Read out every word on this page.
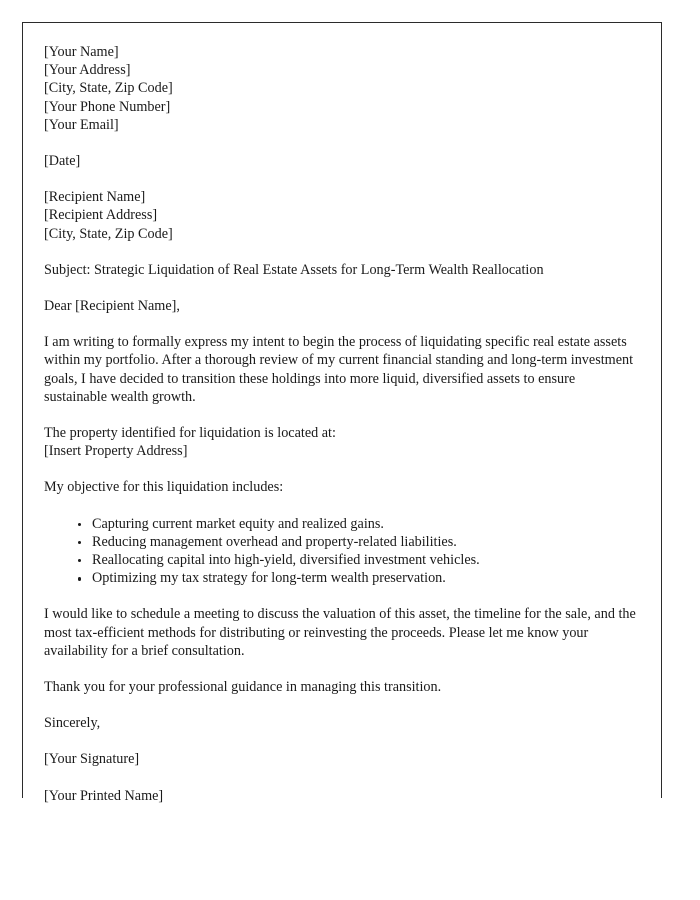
[Your Name]
[Your Address]
[City, State, Zip Code]
[Your Phone Number]
[Your Email]
[Date]
[Recipient Name]
[Recipient Address]
[City, State, Zip Code]
Subject: Strategic Liquidation of Real Estate Assets for Long-Term Wealth Reallocation
Dear [Recipient Name],
I am writing to formally express my intent to begin the process of liquidating specific real estate assets within my portfolio. After a thorough review of my current financial standing and long-term investment goals, I have decided to transition these holdings into more liquid, diversified assets to ensure sustainable wealth growth.
The property identified for liquidation is located at:
[Insert Property Address]
My objective for this liquidation includes:
Capturing current market equity and realized gains.
Reducing management overhead and property-related liabilities.
Reallocating capital into high-yield, diversified investment vehicles.
Optimizing my tax strategy for long-term wealth preservation.
I would like to schedule a meeting to discuss the valuation of this asset, the timeline for the sale, and the most tax-efficient methods for distributing or reinvesting the proceeds. Please let me know your availability for a brief consultation.
Thank you for your professional guidance in managing this transition.
Sincerely,
[Your Signature]
[Your Printed Name]
